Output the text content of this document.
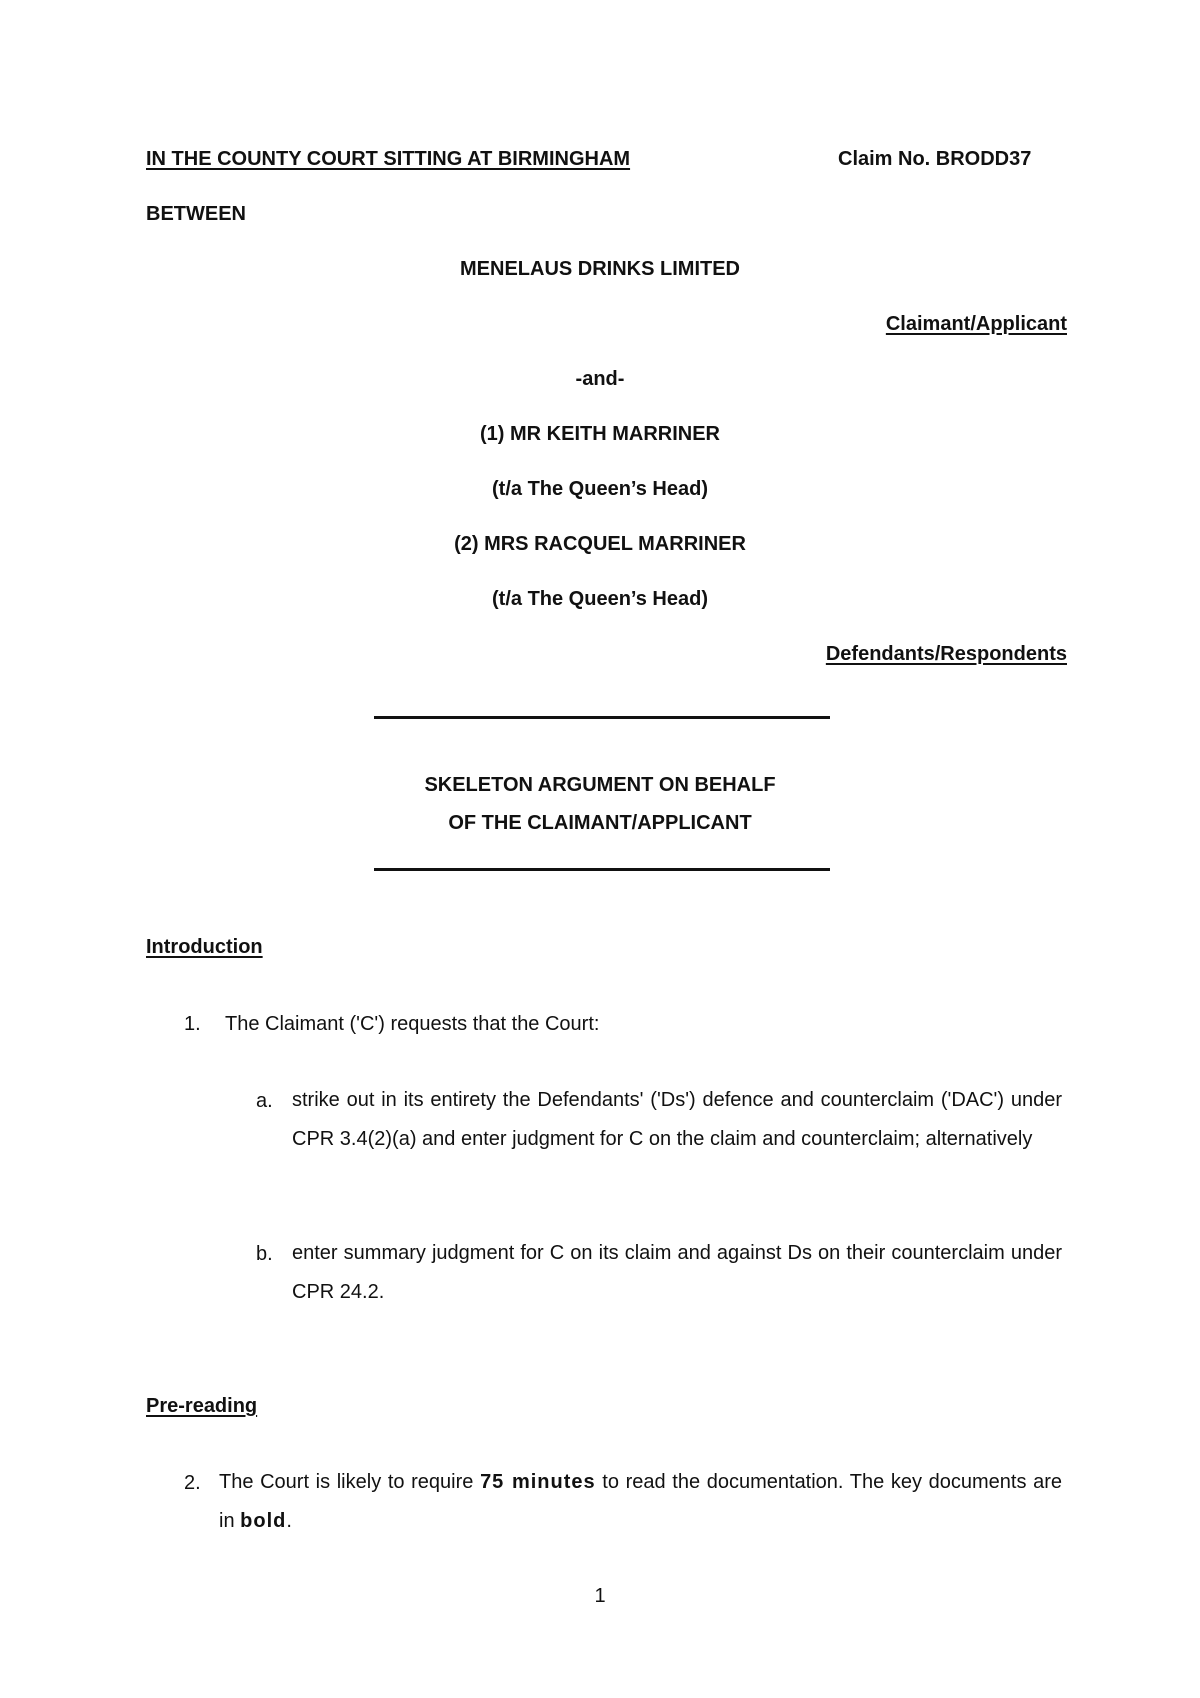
IN THE COUNTY COURT SITTING AT BIRMINGHAM	Claim No. BRODD37
BETWEEN
MENELAUS DRINKS LIMITED
Claimant/Applicant
-and-
(1) MR KEITH MARRINER
(t/a The Queen’s Head)
(2) MRS RACQUEL MARRINER
(t/a The Queen’s Head)
Defendants/Respondents
SKELETON ARGUMENT ON BEHALF
OF THE CLAIMANT/APPLICANT
Introduction
1. The Claimant ('C') requests that the Court:
a. strike out in its entirety the Defendants' ('Ds') defence and counterclaim ('DAC') under CPR 3.4(2)(a) and enter judgment for C on the claim and counterclaim; alternatively
b. enter summary judgment for C on its claim and against Ds on their counterclaim under CPR 24.2.
Pre-reading
2. The Court is likely to require 75 minutes to read the documentation. The key documents are in bold.
1
